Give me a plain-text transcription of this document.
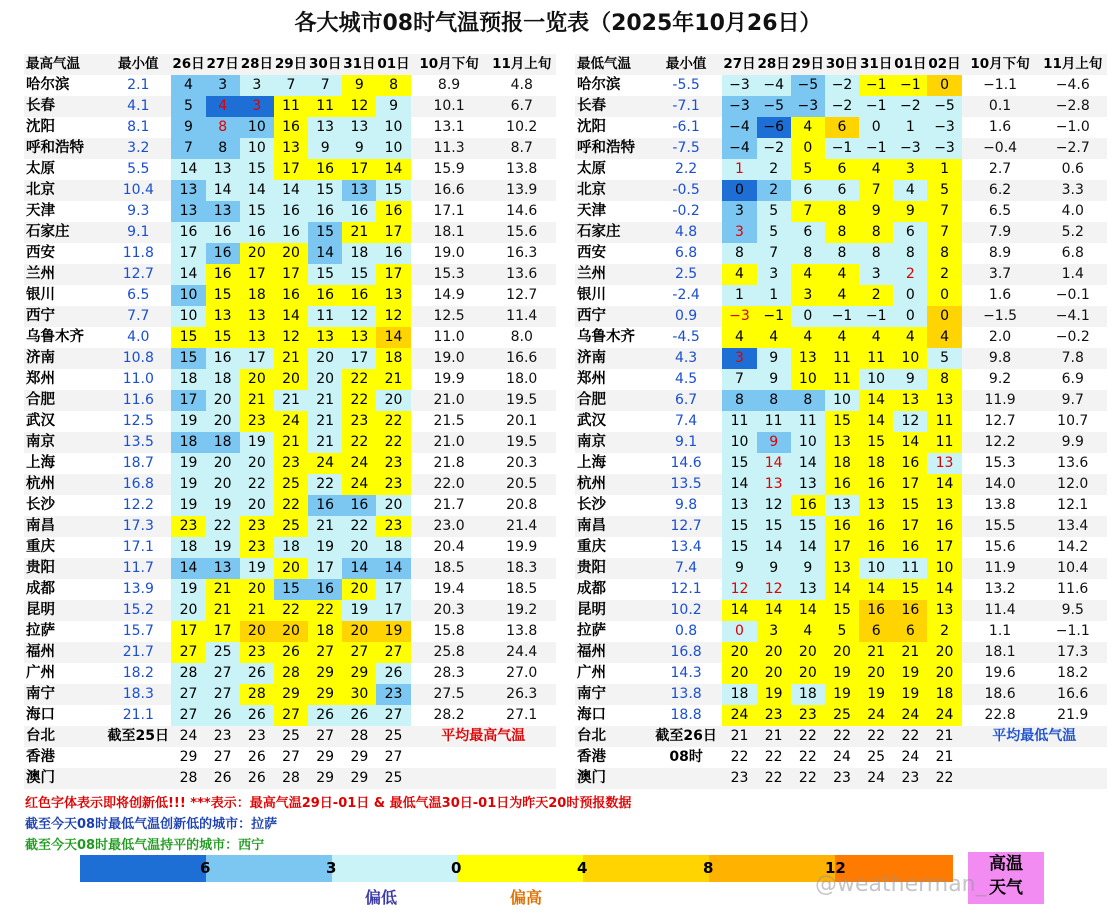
各大城市08时气温预报一览表（2025年10月26日）
最高气温	最小值	26日	27日	28日	29日	30日	31日	01日	10月下旬	11月上旬
哈尔滨	2.1	4	3	3	7	7	9	8	8.9	4.8
长春	4.1	5	4	3	11	11	12	9	10.1	6.7
沈阳	8.1	9	8	10	16	13	13	10	13.1	10.2
呼和浩特	3.2	7	8	10	13	9	9	10	11.3	8.7
太原	5.5	14	13	15	17	16	17	14	15.9	13.8
北京	10.4	13	14	14	14	15	13	15	16.6	13.9
天津	9.3	13	13	15	16	16	16	16	17.1	14.6
石家庄	9.1	16	16	16	16	15	21	17	18.1	15.6
西安	11.8	17	16	20	20	14	18	16	19.0	16.3
兰州	12.7	14	16	17	17	15	15	17	15.3	13.6
银川	6.5	10	15	18	16	16	16	13	14.9	12.7
西宁	7.7	10	13	13	14	11	12	12	12.5	11.4
乌鲁木齐	4.0	15	15	13	12	13	13	14	11.0	8.0
济南	10.8	15	16	17	21	20	17	18	19.0	16.6
郑州	11.0	18	18	20	20	20	22	21	19.9	18.0
合肥	11.6	17	20	21	21	21	22	20	21.0	19.5
武汉	12.5	19	20	23	24	21	23	22	21.5	20.1
南京	13.5	18	18	19	21	21	22	22	21.0	19.5
上海	18.7	19	20	20	23	24	24	23	21.8	20.3
杭州	16.8	19	20	22	25	22	24	23	22.0	20.5
长沙	12.2	19	19	20	22	16	16	20	21.7	20.8
南昌	17.3	23	22	23	25	21	22	23	23.0	21.4
重庆	17.1	18	19	23	18	19	20	18	20.4	19.9
贵阳	11.7	14	13	19	20	17	14	14	18.5	18.3
成都	13.9	19	21	20	15	16	20	17	19.4	18.5
昆明	15.2	20	21	21	22	22	19	17	20.3	19.2
拉萨	15.7	17	17	20	20	18	20	19	15.8	13.8
福州	21.7	27	25	23	26	27	27	27	25.8	24.4
广州	18.2	28	27	26	28	29	29	26	28.3	27.0
南宁	18.3	27	27	28	29	29	30	23	27.5	26.3
海口	21.1	27	26	26	27	26	26	27	28.2	27.1
台北	截至25日	24	23	23	25	27	28	25	平均最高气温	
香港		29	27	26	27	29	29	27		
澳门		28	26	26	28	29	29	25		
最低气温	最小值	27日	28日	29日	30日	31日	01日	02日	10月下旬	11月上旬
哈尔滨	-5.5	−3	−4	−5	−2	−1	−1	0	−1.1	−4.6
长春	-7.1	−3	−5	−3	−2	−1	−2	−5	0.1	−2.8
沈阳	-6.1	−4	−6	4	6	0	1	−3	1.6	−1.0
呼和浩特	-7.5	−4	−2	0	−1	−1	−3	−3	−0.4	−2.7
太原	2.2	1	2	5	6	4	3	1	2.7	0.6
北京	-0.5	0	2	6	6	7	4	5	6.2	3.3
天津	-0.2	3	5	7	8	9	9	7	6.5	4.0
石家庄	4.8	3	5	6	8	8	6	7	7.9	5.2
西安	6.8	8	7	8	8	8	8	8	8.9	6.8
兰州	2.5	4	3	4	4	3	2	2	3.7	1.4
银川	-2.4	1	1	3	4	2	0	0	1.6	−0.1
西宁	0.9	−3	−1	0	−1	−1	0	0	−1.5	−4.1
乌鲁木齐	-4.5	4	4	4	4	4	4	4	2.0	−0.2
济南	4.3	3	9	13	11	11	10	5	9.8	7.8
郑州	4.5	7	9	10	11	10	9	8	9.2	6.9
合肥	6.7	8	8	8	10	14	13	13	11.9	9.7
武汉	7.4	11	11	11	15	14	12	11	12.7	10.7
南京	9.1	10	9	10	13	15	14	11	12.2	9.9
上海	14.6	15	14	14	18	18	16	13	15.3	13.6
杭州	13.5	14	13	13	16	16	17	14	14.0	12.0
长沙	9.8	13	12	16	13	13	15	13	13.8	12.1
南昌	12.7	15	15	15	16	16	17	16	15.5	13.4
重庆	13.4	15	14	14	17	16	16	17	15.6	14.2
贵阳	7.4	9	9	9	13	10	11	10	11.9	10.4
成都	12.1	12	12	13	14	14	15	14	13.2	11.6
昆明	10.2	14	14	14	15	16	16	13	11.4	9.5
拉萨	0.8	0	3	4	5	6	6	2	1.1	−1.1
福州	16.8	20	20	20	20	21	21	20	18.1	17.3
广州	14.3	20	20	20	19	20	19	20	19.6	18.2
南宁	13.8	18	19	18	19	19	19	18	18.6	16.6
海口	18.8	24	23	23	25	24	24	24	22.8	21.9
台北	截至26日	21	21	22	22	22	22	21	平均最低气温	
香港	08时	22	22	22	24	25	24	21		
澳门		23	22	22	23	24	23	22		
红色字体表示即将创新低!!! ***表示：最高气温29日-01日 & 最低气温30日-01日为昨天20时预报数据
截至今天08时最低气温创新低的城市：拉萨
截至今天08时最低气温持平的城市：西宁
6	3	0	4	8	12
偏低	偏高
高温
天气
@weatherman_
